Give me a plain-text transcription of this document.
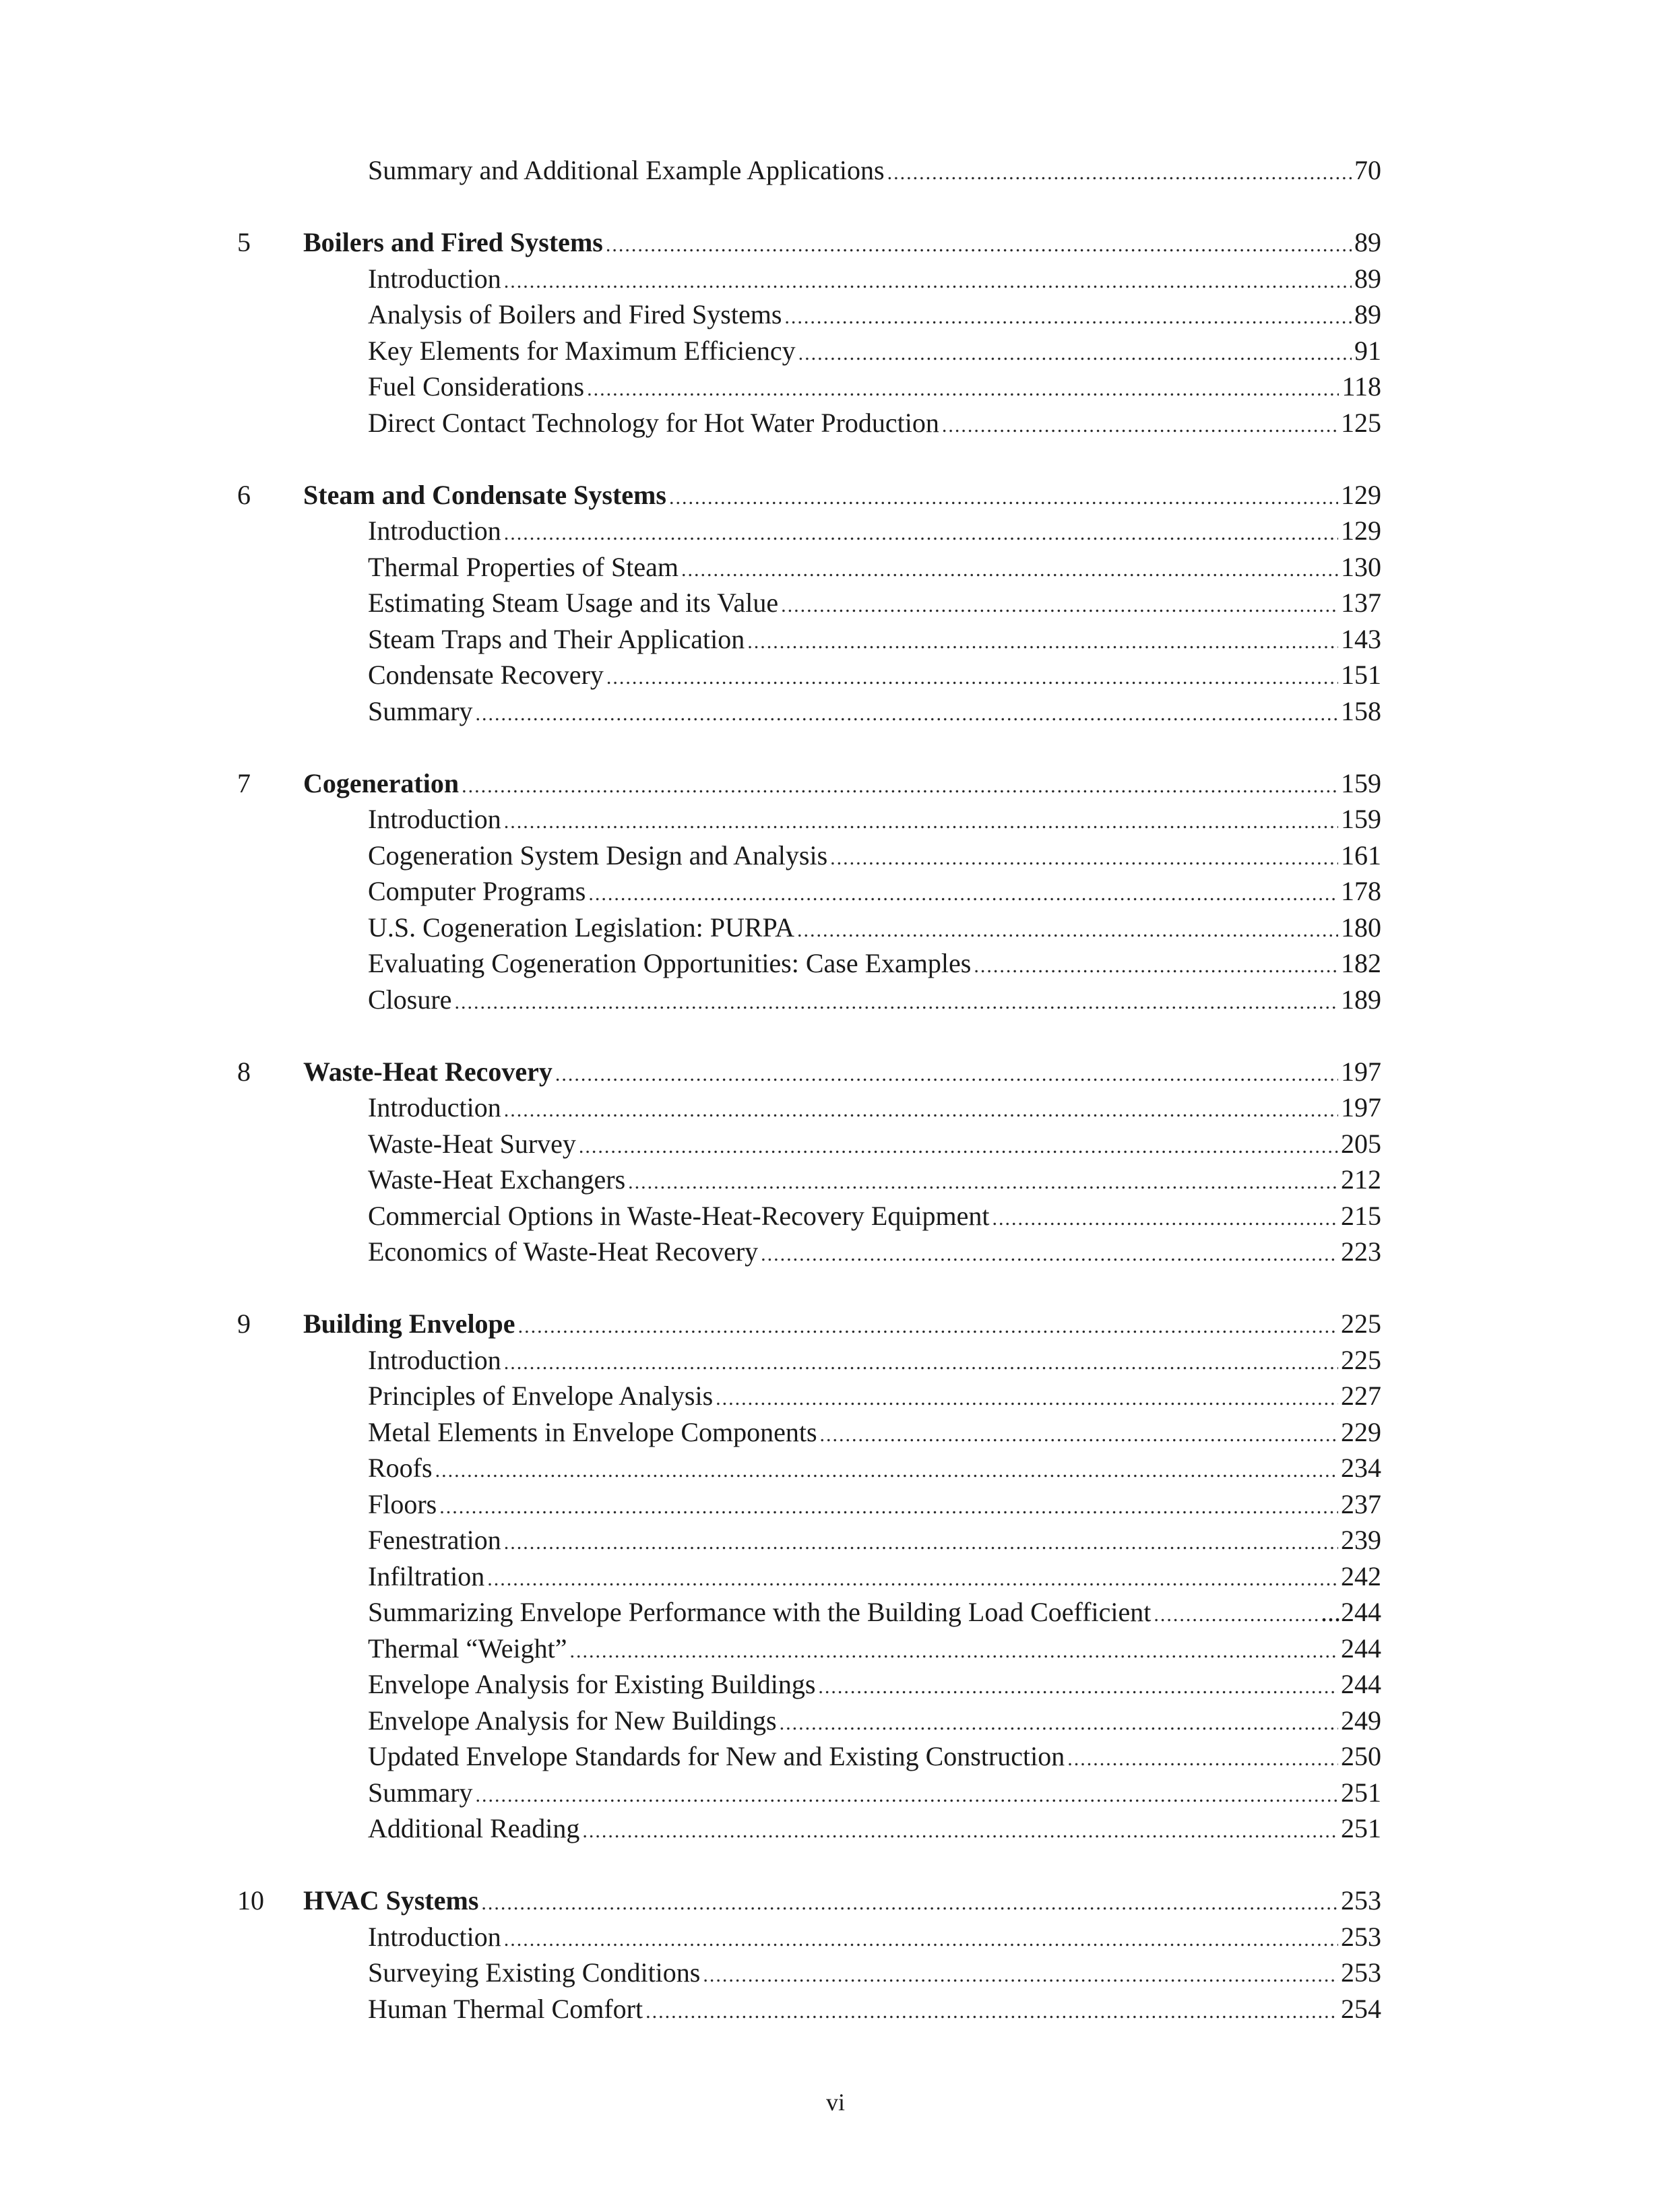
Summary and Additional Example Applications .....	70
5	Boilers and Fired Systems .....	89
Introduction .....	89
Analysis of Boilers and Fired Systems .....	89
Key Elements for Maximum Efficiency .....	91
Fuel Considerations .....	118
Direct Contact Technology for Hot Water Production .....	125
6	Steam and Condensate Systems .....	129
Introduction .....	129
Thermal Properties of Steam .....	130
Estimating Steam Usage and its Value .....	137
Steam Traps and Their Application .....	143
Condensate Recovery .....	151
Summary .....	158
7	Cogeneration .....	159
Introduction .....	159
Cogeneration System Design and Analysis .....	161
Computer Programs .....	178
U.S. Cogeneration Legislation: PURPA .....	180
Evaluating Cogeneration Opportunities: Case Examples .....	182
Closure .....	189
8	Waste-Heat Recovery .....	197
Introduction .....	197
Waste-Heat Survey .....	205
Waste-Heat Exchangers .....	212
Commercial Options in Waste-Heat-Recovery Equipment .....	215
Economics of Waste-Heat Recovery .....	223
9	Building Envelope .....	225
Introduction .....	225
Principles of Envelope Analysis .....	227
Metal Elements in Envelope Components .....	229
Roofs .....	234
Floors .....	237
Fenestration .....	239
Infiltration .....	242
Summarizing Envelope Performance with the Building Load Coefficient .....	...244
Thermal “Weight” .....	244
Envelope Analysis for Existing Buildings .....	244
Envelope Analysis for New Buildings .....	249
Updated Envelope Standards for New and Existing Construction .....	250
Summary .....	251
Additional Reading .....	251
10	HVAC Systems .....	253
Introduction .....	253
Surveying Existing Conditions .....	253
Human Thermal Comfort .....	254
vi
